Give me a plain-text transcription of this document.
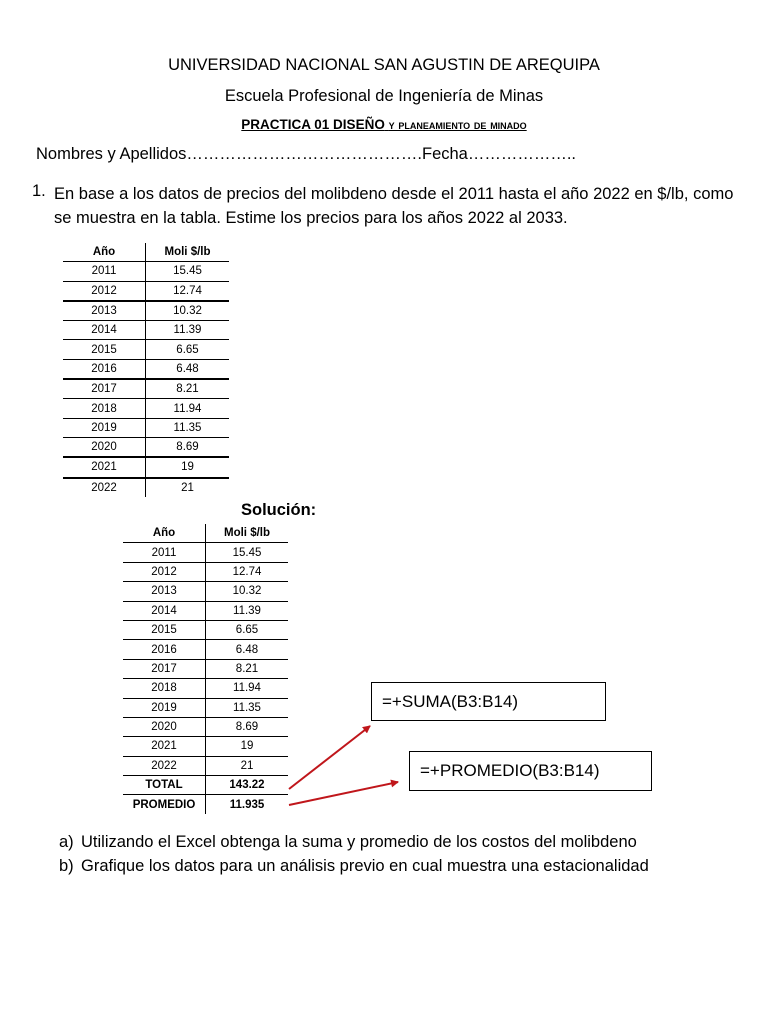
UNIVERSIDAD NACIONAL SAN AGUSTIN DE AREQUIPA
Escuela Profesional de Ingeniería de Minas
PRACTICA 01 DISEÑO y planeamiento de minado
Nombres y Apellidos…………………………………….Fecha………………..
1. En base a los datos de precios del molibdeno desde el 2011 hasta el año 2022 en $/lb, como se muestra en la tabla. Estime los precios para los años 2022 al 2033.
Año	Moli $/lb
2011	15.45
2012	12.74
2013	10.32
2014	11.39
2015	6.65
2016	6.48
2017	8.21
2018	11.94
2019	11.35
2020	8.69
2021	19
2022	21
Solución:
Año	Moli $/lb
2011	15.45
2012	12.74
2013	10.32
2014	11.39
2015	6.65
2016	6.48
2017	8.21
2018	11.94
2019	11.35
2020	8.69
2021	19
2022	21
TOTAL	143.22
PROMEDIO	11.935
=+SUMA(B3:B14)
=+PROMEDIO(B3:B14)
a) Utilizando el Excel obtenga la suma y promedio de los costos del molibdeno
b) Grafique los datos para un análisis previo en cual muestra una estacionalidad
